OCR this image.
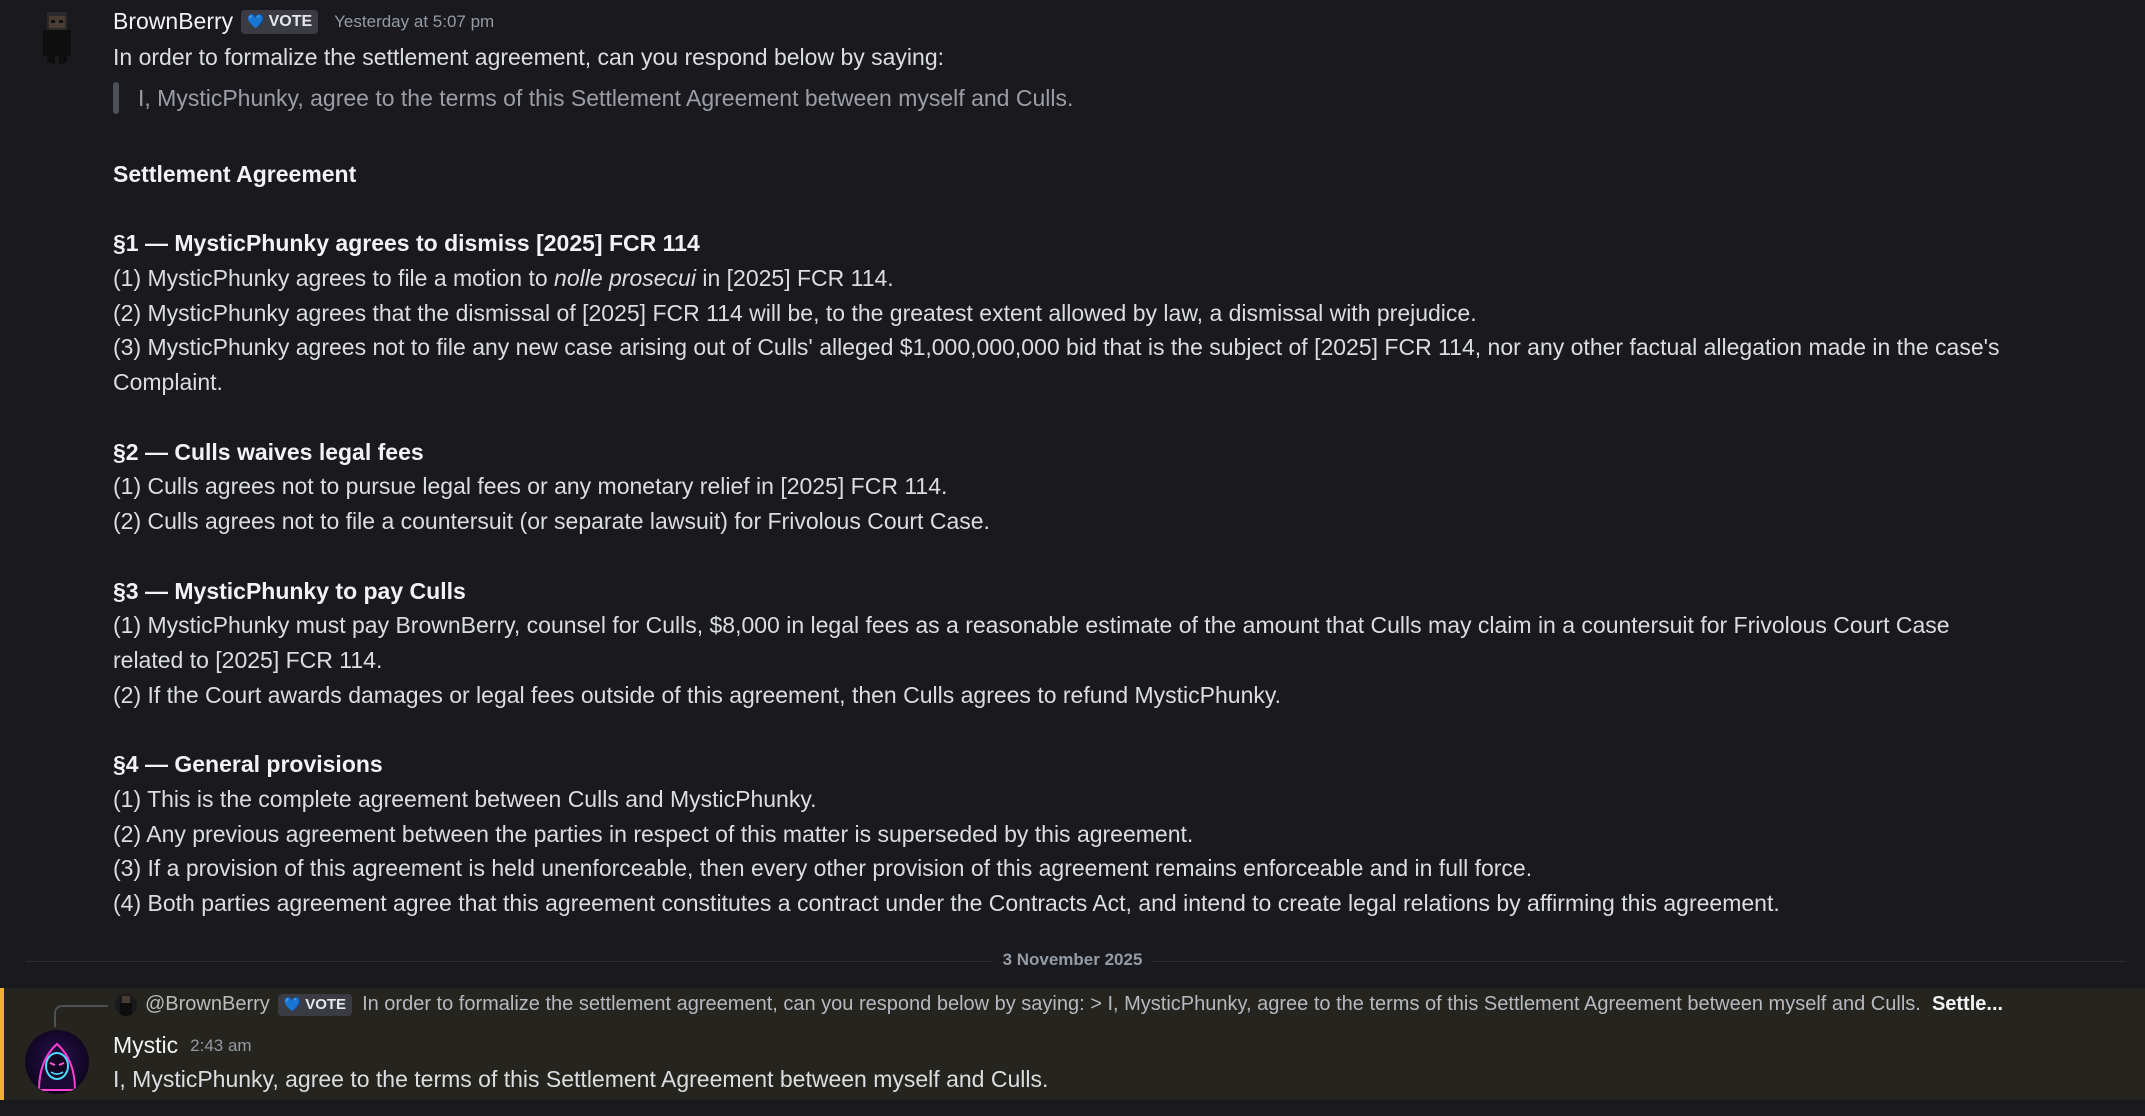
BrownBerry 💙 VOTE Yesterday at 5:07 pm
In order to formalize the settlement agreement, can you respond below by saying:
I, MysticPhunky, agree to the terms of this Settlement Agreement between myself and Culls.
Settlement Agreement
§1 — MysticPhunky agrees to dismiss [2025] FCR 114
(1) MysticPhunky agrees to file a motion to nolle prosecui in [2025] FCR 114.
(2) MysticPhunky agrees that the dismissal of [2025] FCR 114 will be, to the greatest extent allowed by law, a dismissal with prejudice.
(3) MysticPhunky agrees not to file any new case arising out of Culls' alleged $1,000,000,000 bid that is the subject of [2025] FCR 114, nor any other factual allegation made in the case's
Complaint.
§2 — Culls waives legal fees
(1) Culls agrees not to pursue legal fees or any monetary relief in [2025] FCR 114.
(2) Culls agrees not to file a countersuit (or separate lawsuit) for Frivolous Court Case.
§3 — MysticPhunky to pay Culls
(1) MysticPhunky must pay BrownBerry, counsel for Culls, $8,000 in legal fees as a reasonable estimate of the amount that Culls may claim in a countersuit for Frivolous Court Case
related to [2025] FCR 114.
(2) If the Court awards damages or legal fees outside of this agreement, then Culls agrees to refund MysticPhunky.
§4 — General provisions
(1) This is the complete agreement between Culls and MysticPhunky.
(2) Any previous agreement between the parties in respect of this matter is superseded by this agreement.
(3) If a provision of this agreement is held unenforceable, then every other provision of this agreement remains enforceable and in full force.
(4) Both parties agreement agree that this agreement constitutes a contract under the Contracts Act, and intend to create legal relations by affirming this agreement.
3 November 2025
@BrownBerry 💙 VOTE In order to formalize the settlement agreement, can you respond below by saying: > I, MysticPhunky, agree to the terms of this Settlement Agreement between myself and Culls. Settle...
Mystic 2:43 am
I, MysticPhunky, agree to the terms of this Settlement Agreement between myself and Culls.
